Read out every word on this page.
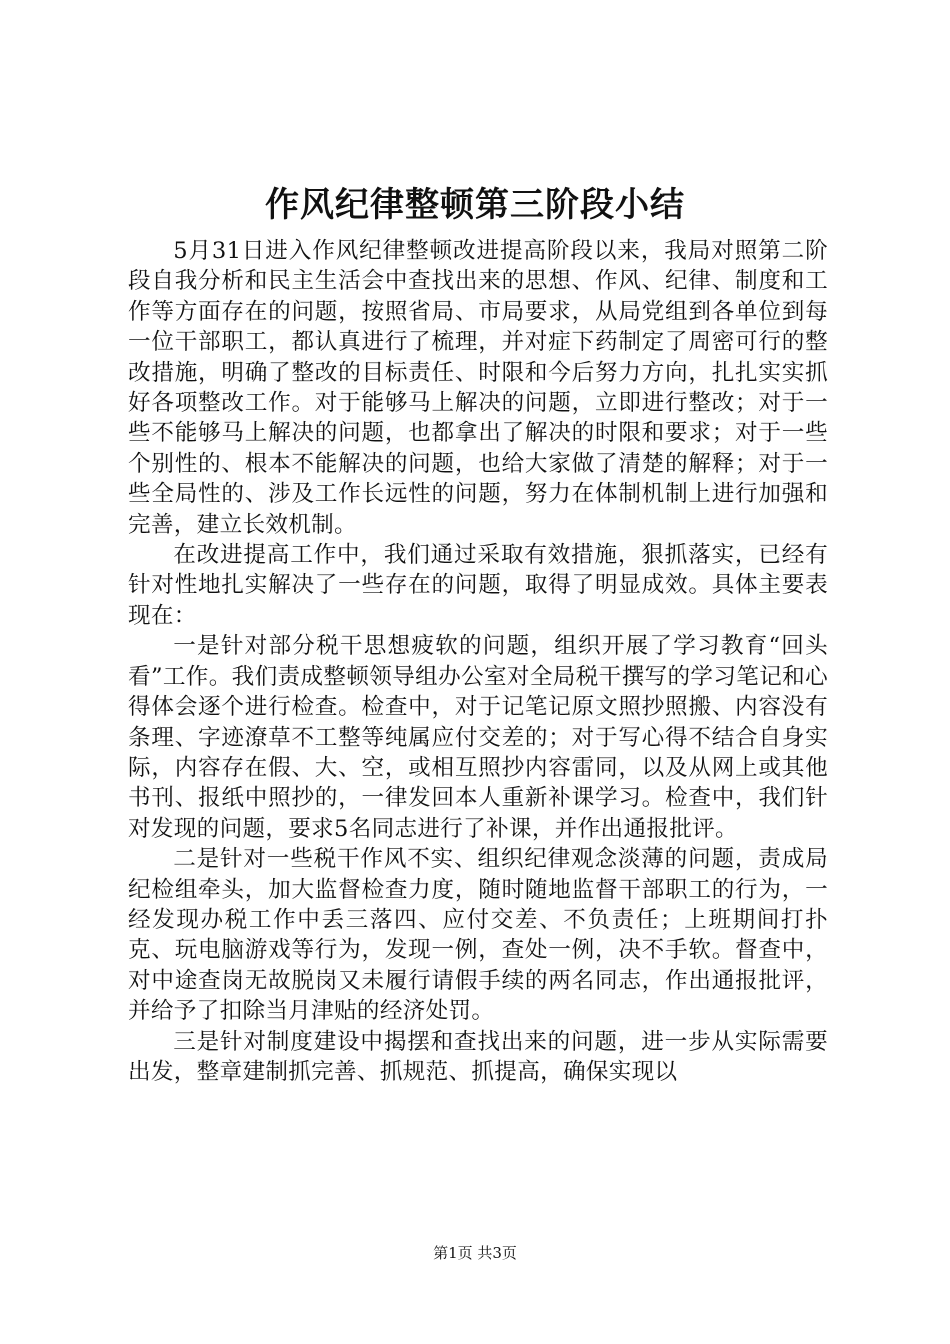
作风纪律整顿第三阶段小结

5月31日进入作风纪律整顿改进提高阶段以来，我局对照第二阶段自我分析和民主生活会中查找出来的思想、作风、纪律、制度和工作等方面存在的问题，按照省局、市局要求，从局党组到各单位到每一位干部职工，都认真进行了梳理，并对症下药制定了周密可行的整改措施，明确了整改的目标责任、时限和今后努力方向，扎扎实实抓好各项整改工作。对于能够马上解决的问题，立即进行整改；对于一些不能够马上解决的问题，也都拿出了解决的时限和要求；对于一些个别性的、根本不能解决的问题，也给大家做了清楚的解释；对于一些全局性的、涉及工作长远性的问题，努力在体制机制上进行加强和完善，建立长效机制。

在改进提高工作中，我们通过采取有效措施，狠抓落实，已经有针对性地扎实解决了一些存在的问题，取得了明显成效。具体主要表现在：

一是针对部分税干思想疲软的问题，组织开展了学习教育“回头看”工作。我们责成整顿领导组办公室对全局税干撰写的学习笔记和心得体会逐个进行检查。检查中，对于记笔记原文照抄照搬、内容没有条理、字迹潦草不工整等纯属应付交差的；对于写心得不结合自身实际，内容存在假、大、空，或相互照抄内容雷同，以及从网上或其他书刊、报纸中照抄的，一律发回本人重新补课学习。检查中，我们针对发现的问题，要求5名同志进行了补课，并作出通报批评。

二是针对一些税干作风不实、组织纪律观念淡薄的问题，责成局纪检组牵头，加大监督检查力度，随时随地监督干部职工的行为，一经发现办税工作中丢三落四、应付交差、不负责任；上班期间打扑克、玩电脑游戏等行为，发现一例，查处一例，决不手软。督查中，对中途查岗无故脱岗又未履行请假手续的两名同志，作出通报批评，并给予了扣除当月津贴的经济处罚。

三是针对制度建设中揭摆和查找出来的问题，进一步从实际需要出发，整章建制抓完善、抓规范、抓提高，确保实现以

第1页 共3页
